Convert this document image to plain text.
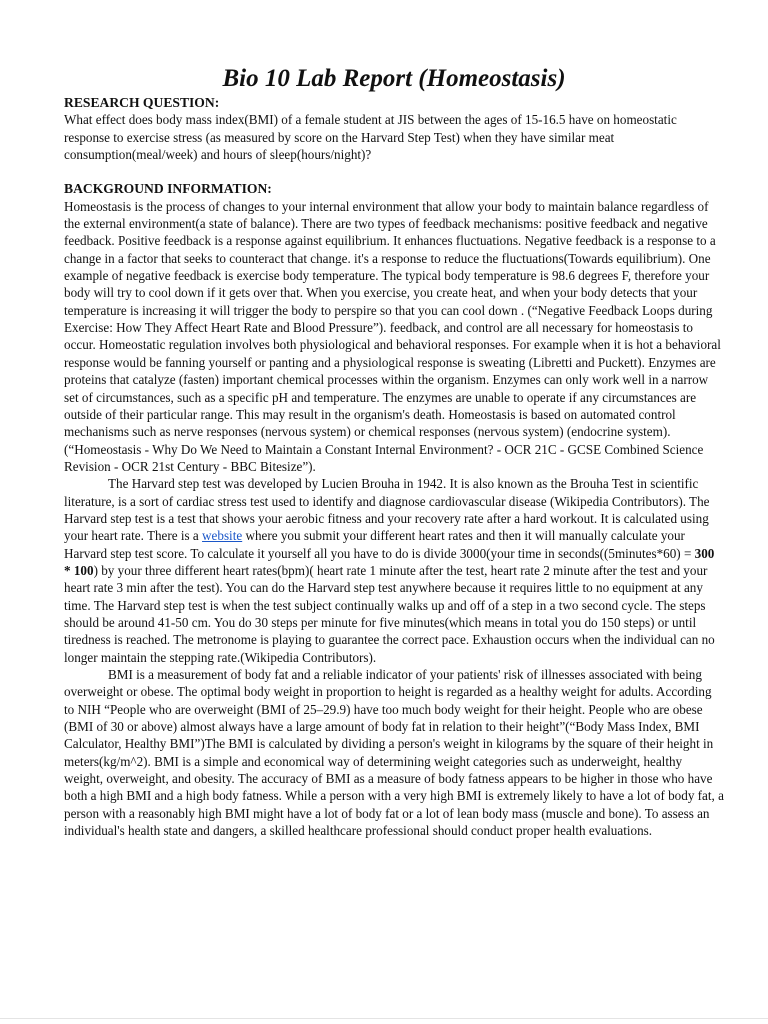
Bio 10 Lab Report (Homeostasis)

RESEARCH QUESTION:

What effect does body mass index(BMI) of a female student at JIS between the ages of 15-16.5 have on homeostatic response to exercise stress (as measured by score on the Harvard Step Test) when they have similar meat consumption(meal/week) and hours of sleep(hours/night)?

BACKGROUND INFORMATION:

Homeostasis is the process of changes to your internal environment that allow your body to maintain balance regardless of the external environment(a state of balance). There are two types of feedback mechanisms: positive feedback and negative feedback. Positive feedback is a response against equilibrium. It enhances fluctuations. Negative feedback is a response to a change in a factor that seeks to counteract that change. it's a response to reduce the fluctuations(Towards equilibrium). One example of negative feedback is exercise body temperature. The typical body temperature is 98.6 degrees F, therefore your body will try to cool down if it gets over that. When you exercise, you create heat, and when your body detects that your temperature is increasing it will trigger the body to perspire so that you can cool down . (“Negative Feedback Loops during Exercise: How They Affect Heart Rate and Blood Pressure”). feedback, and control are all necessary for homeostasis to occur. Homeostatic regulation involves both physiological and behavioral responses. For example when it is hot a behavioral response would be fanning yourself or panting and a physiological response is sweating (Libretti and Puckett). Enzymes are proteins that catalyze (fasten) important chemical processes within the organism. Enzymes can only work well in a narrow set of circumstances, such as a specific pH and temperature. The enzymes are unable to operate if any circumstances are outside of their particular range. This may result in the organism's death. Homeostasis is based on automated control mechanisms such as nerve responses (nervous system) or chemical responses (nervous system) (endocrine system). (“Homeostasis - Why Do We Need to Maintain a Constant Internal Environment? - OCR 21C - GCSE Combined Science Revision - OCR 21st Century - BBC Bitesize”).

The Harvard step test was developed by Lucien Brouha in 1942. It is also known as the Brouha Test in scientific literature, is a sort of cardiac stress test used to identify and diagnose cardiovascular disease (Wikipedia Contributors). The Harvard step test is a test that shows your aerobic fitness and your recovery rate after a hard workout. It is calculated using your heart rate. There is a website where you submit your different heart rates and then it will manually calculate your Harvard step test score. To calculate it yourself all you have to do is divide 3000(your time in seconds((5minutes*60) = 300 * 100) by your three different heart rates(bpm)( heart rate 1 minute after the test, heart rate 2 minute after the test and your heart rate 3 min after the test). You can do the Harvard step test anywhere because it requires little to no equipment at any time. The Harvard step test is when the test subject continually walks up and off of a step in a two second cycle. The steps should be around 41-50 cm. You do 30 steps per minute for five minutes(which means in total you do 150 steps) or until tiredness is reached. The metronome is playing to guarantee the correct pace. Exhaustion occurs when the individual can no longer maintain the stepping rate.(Wikipedia Contributors).

BMI is a measurement of body fat and a reliable indicator of your patients' risk of illnesses associated with being overweight or obese. The optimal body weight in proportion to height is regarded as a healthy weight for adults. According to NIH “People who are overweight (BMI of 25–29.9) have too much body weight for their height. People who are obese (BMI of 30 or above) almost always have a large amount of body fat in relation to their height”(“Body Mass Index, BMI Calculator, Healthy BMI”)The BMI is calculated by dividing a person's weight in kilograms by the square of their height in meters(kg/m^2). BMI is a simple and economical way of determining weight categories such as underweight, healthy weight, overweight, and obesity. The accuracy of BMI as a measure of body fatness appears to be higher in those who have both a high BMI and a high body fatness. While a person with a very high BMI is extremely likely to have a lot of body fat, a person with a reasonably high BMI might have a lot of body fat or a lot of lean body mass (muscle and bone). To assess an individual's health state and dangers, a skilled healthcare professional should conduct proper health evaluations.
